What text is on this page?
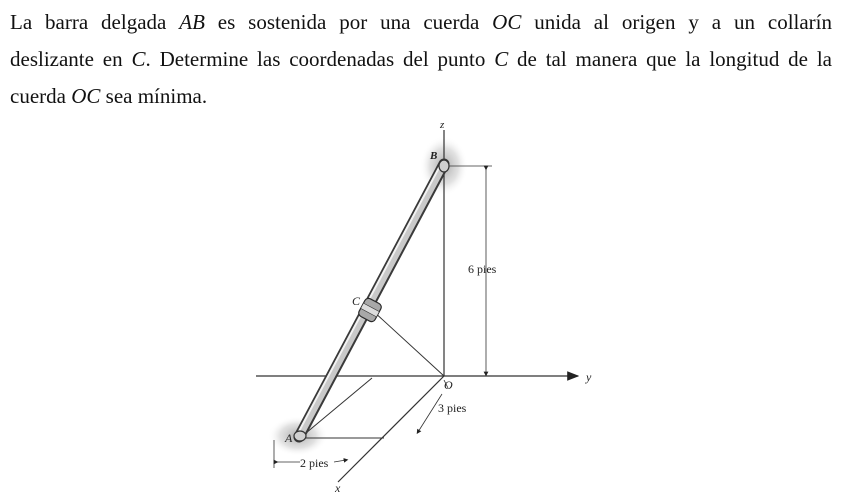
La barra delgada AB es sostenida por una cuerda OC unida al origen y a un collarín
deslizante en C. Determine las coordenadas del punto C de tal manera que la longitud de la
cuerda OC sea mínima.

6 pies
3 pies
2 pies
z
y
x
B
C
O
A
